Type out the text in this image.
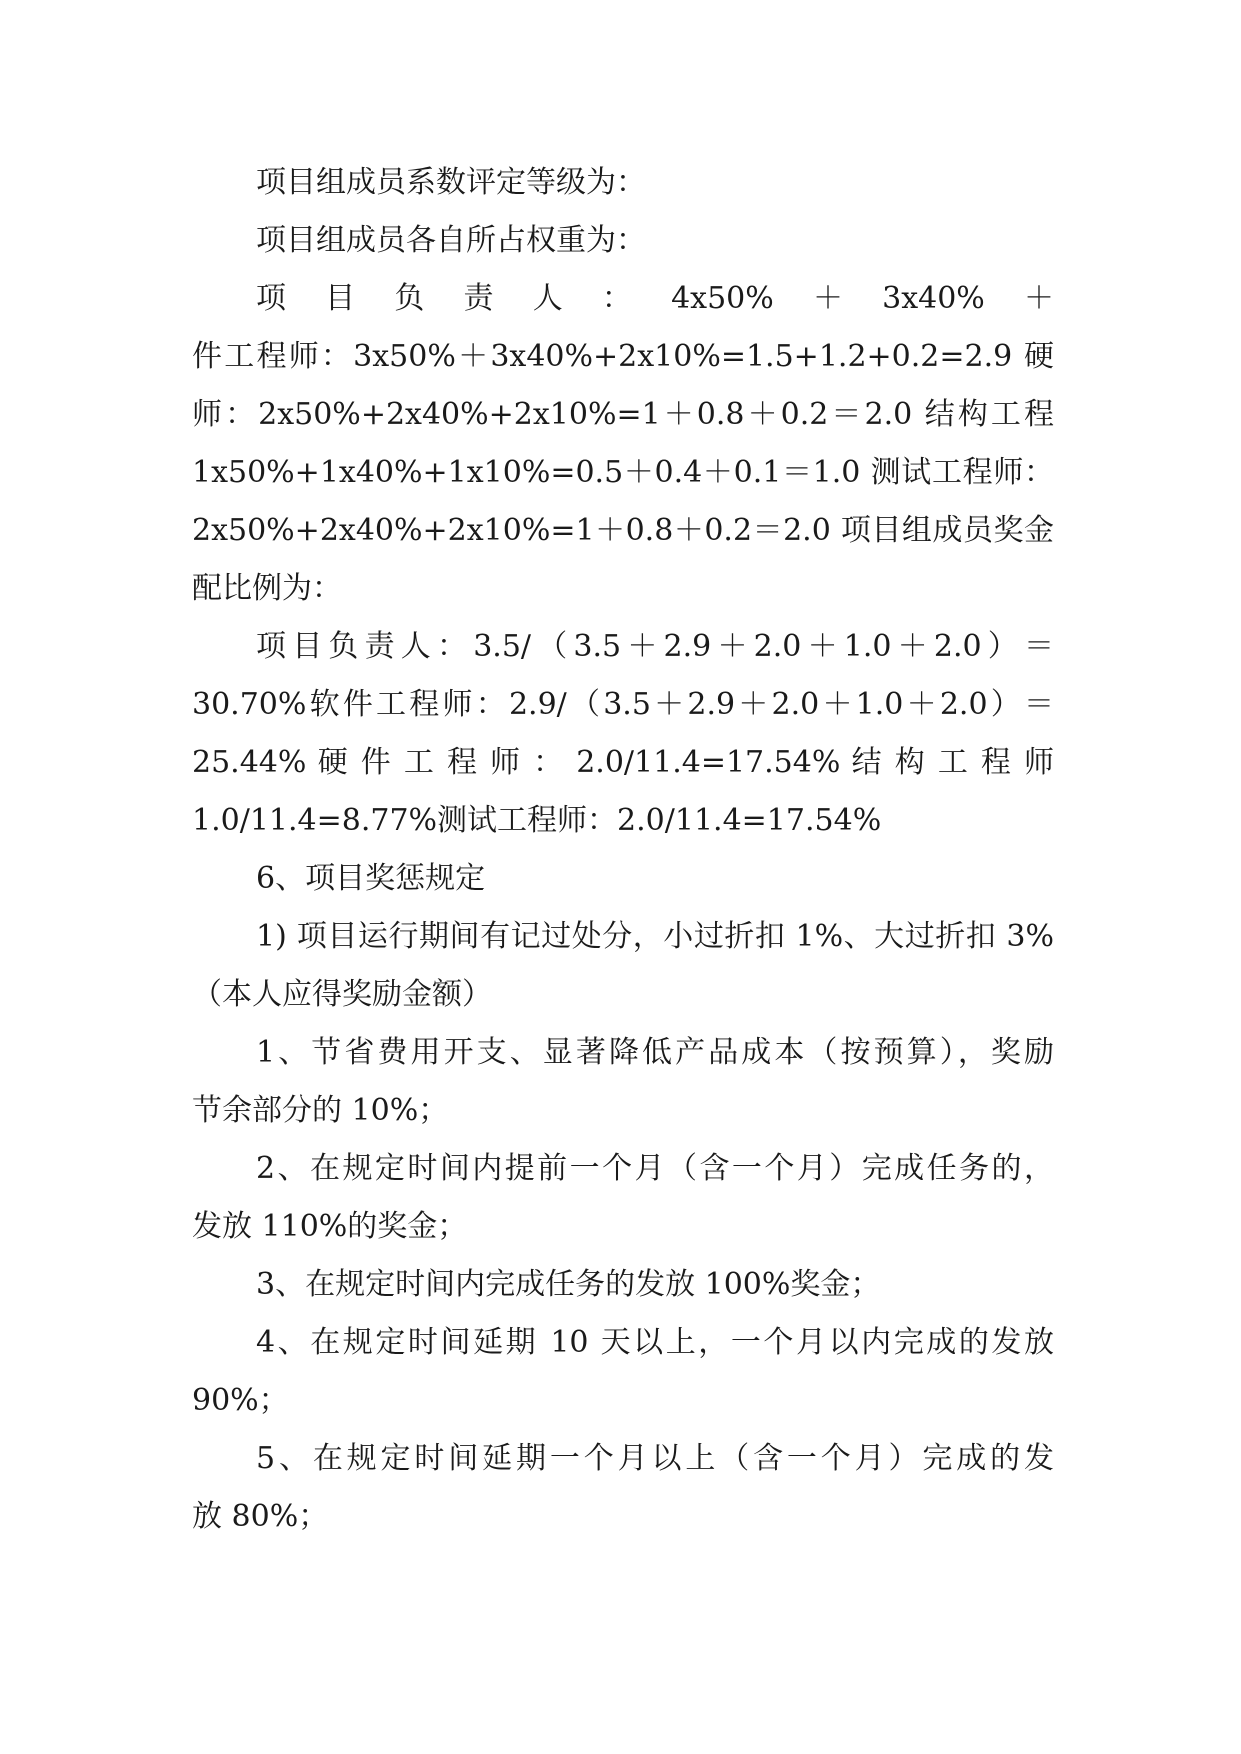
项目组成员系数评定等级为：
项目组成员各自所占权重为：
项目负责人：4x50%＋3x40%＋
件工程师：3x50%＋3x40%+2x10%=1.5+1.2+0.2=2.9 硬
师：2x50%+2x40%+2x10%=1＋0.8＋0.2＝2.0 结构工程
1x50%+1x40%+1x10%=0.5＋0.4＋0.1＝1.0 测试工程师：
2x50%+2x40%+2x10%=1＋0.8＋0.2＝2.0 项目组成员奖金
配比例为：
项目负责人：3.5/（3.5＋2.9＋2.0＋1.0＋2.0）＝
30.70%软件工程师：2.9/（3.5＋2.9＋2.0＋1.0＋2.0）＝
25.44% 硬 件 工 程 师 ： 2.0/11.4=17.54% 结 构 工 程 师
1.0/11.4=8.77%测试工程师：2.0/11.4=17.54%
6、项目奖惩规定
1) 项目运行期间有记过处分，小过折扣 1%、大过折扣 3%
（本人应得奖励金额）
1、节省费用开支、显著降低产品成本（按预算），奖励
节余部分的 10%；
2、在规定时间内提前一个月（含一个月）完成任务的，
发放 110%的奖金；
3、在规定时间内完成任务的发放 100%奖金；
4、在规定时间延期 10 天以上，一个月以内完成的发放
90%；
5、在规定时间延期一个月以上（含一个月）完成的发
放 80%；
